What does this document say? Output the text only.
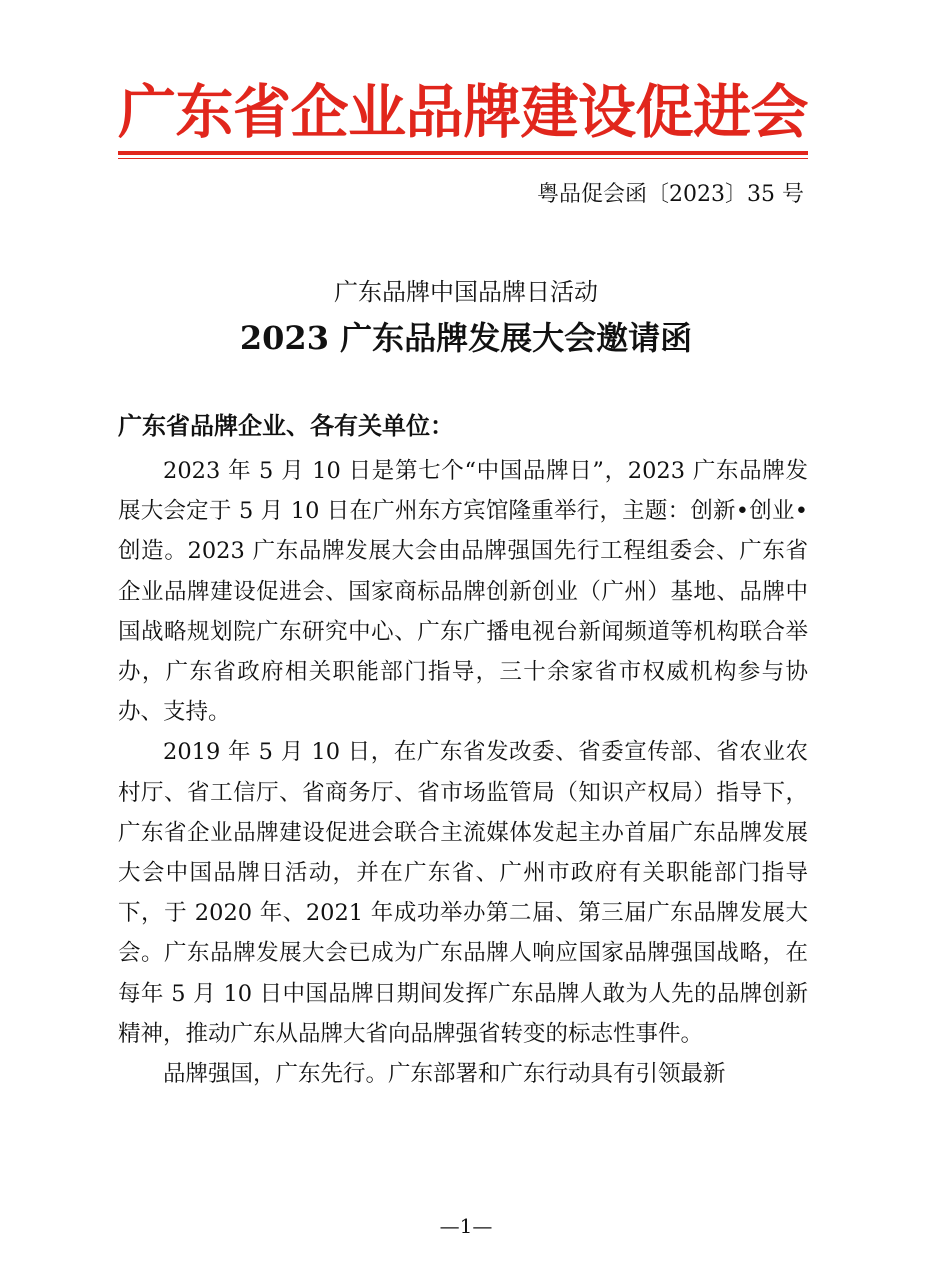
广东省企业品牌建设促进会
粤品促会函〔2023〕35 号
广东品牌中国品牌日活动
2023 广东品牌发展大会邀请函
广东省品牌企业、各有关单位：

2023 年 5 月 10 日是第七个“中国品牌日”，2023 广东品牌发展大会定于 5 月 10 日在广州东方宾馆隆重举行，主题：创新•创业•创造。2023 广东品牌发展大会由品牌强国先行工程组委会、广东省企业品牌建设促进会、国家商标品牌创新创业（广州）基地、品牌中国战略规划院广东研究中心、广东广播电视台新闻频道等机构联合举办，广东省政府相关职能部门指导，三十余家省市权威机构参与协办、支持。

2019 年 5 月 10 日，在广东省发改委、省委宣传部、省农业农村厅、省工信厅、省商务厅、省市场监管局（知识产权局）指导下，广东省企业品牌建设促进会联合主流媒体发起主办首届广东品牌发展大会中国品牌日活动，并在广东省、广州市政府有关职能部门指导下，于 2020 年、2021 年成功举办第二届、第三届广东品牌发展大会。广东品牌发展大会已成为广东品牌人响应国家品牌强国战略，在每年 5 月 10 日中国品牌日期间发挥广东品牌人敢为人先的品牌创新精神，推动广东从品牌大省向品牌强省转变的标志性事件。

品牌强国，广东先行。广东部署和广东行动具有引领最新

—1—
